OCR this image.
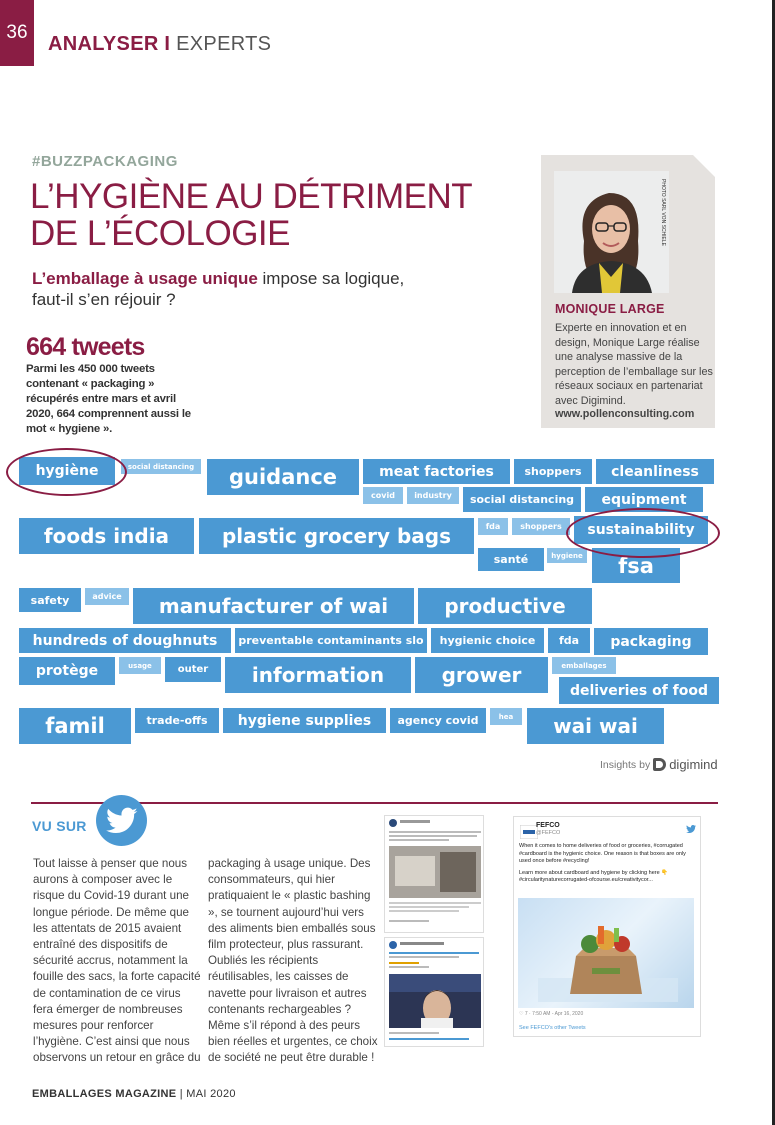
36
ANALYSER I EXPERTS
#BUZZPACKAGING
L’HYGIÈNE AU DÉTRIMENT
DE L’ÉCOLOGIE
L’emballage à usage unique impose sa logique, faut-il s’en réjouir ?
664 tweets
Parmi les 450 000 tweets contenant « packaging » récupérés entre mars et avril 2020, 664 comprennent aussi le mot « hygiene ».
PHOTO SARL VON SCHIELE
MONIQUE LARGE
Experte en innovation et en design, Monique Large réalise une analyse massive de la perception de l’emballage sur les réseaux sociaux en partenariat avec Digimind.
www.pollenconsulting.com
hygiène	social distancing	guidance	meat factories	shoppers	cleanliness
covid	industry	social distancing	equipment
foods india	plastic grocery bags	fda	shoppers	sustainability
santé	hygiene	fsa
safety	advice	manufacturer of wai	productive
hundreds of doughnuts	preventable contaminants slo	hygienic choice	fda	packaging
protège	usage	outer	information	grower	emballages
deliveries of food
famil	trade-offs	hygiene supplies	agency covid	hea	wai wai
Insights by digimind
VU SUR
Tout laisse à penser que nous aurons à composer avec le risque du Covid-19 durant une longue période. De même que les attentats de 2015 avaient entraîné des dispositifs de sécurité accrus, notamment la fouille des sacs, la forte capacité de contamination de ce virus fera émerger de nombreuses mesures pour renforcer l’hygiène. C’est ainsi que nous observons un retour en grâce du
packaging à usage unique. Des consommateurs, qui hier pratiquaient le « plastic bashing », se tournent aujourd’hui vers des aliments bien emballés sous film protecteur, plus rassurant. Oubliés les récipients réutilisables, les caisses de navette pour livraison et autres contenants rechargeables ? Même s’il répond à des peurs bien réelles et urgentes, ce choix de société ne peut être durable !
FEFCO
@FEFCO
When it comes to home deliveries of food or groceries, #corrugated #cardboard is the hygienic choice. One reason is that boxes are only used once before #recycling!
Learn more about cardboard and hygiene by clicking here 👇 #circularitynaturecorrugated-ofcourse.eu/creativitycor...
♡ 7 · 7:50 AM - Apr 16, 2020
See FEFCO's other Tweets
EMBALLAGES MAGAZINE | MAI 2020
